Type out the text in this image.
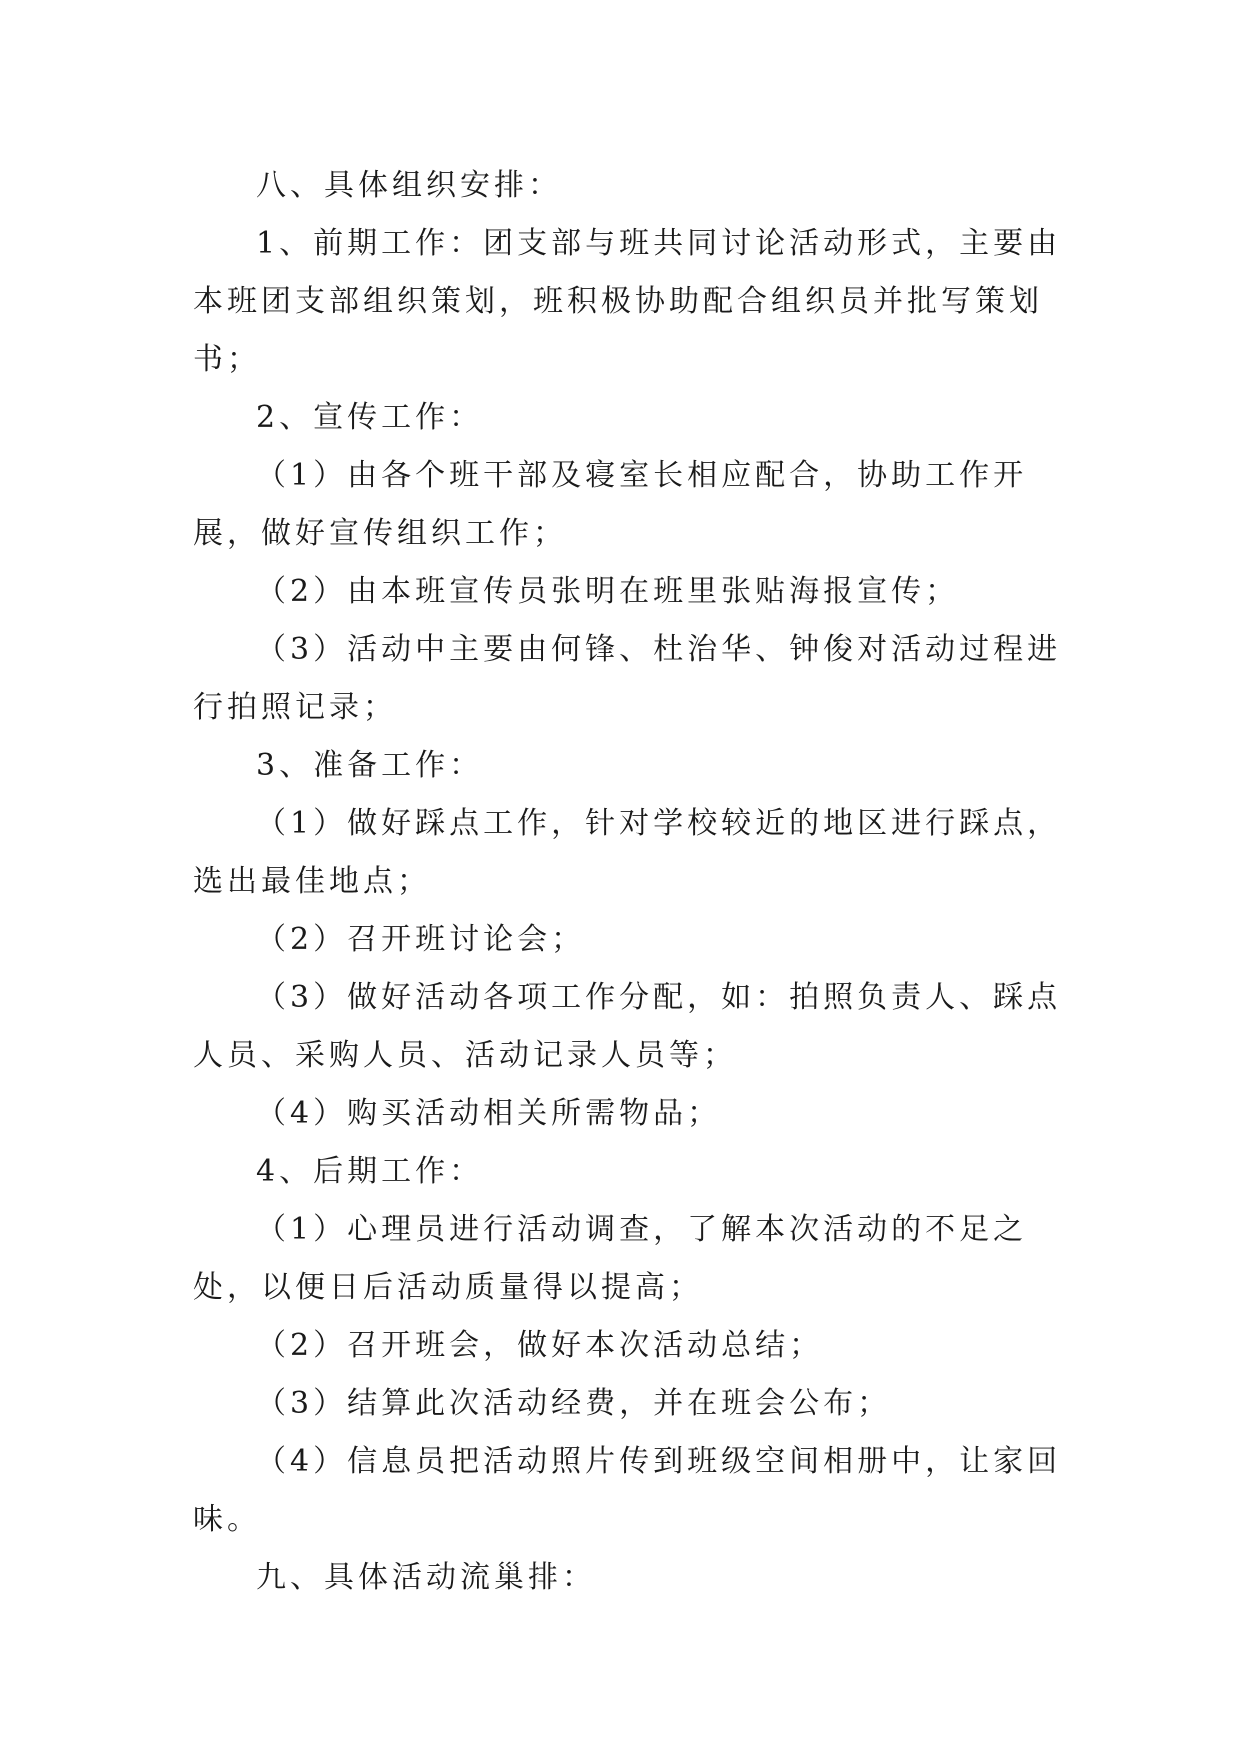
八、具体组织安排：

1、前期工作：团支部与班共同讨论活动形式，主要由本班团支部组织策划，班积极协助配合组织员并批写策划书；

2、宣传工作：

（1）由各个班干部及寝室长相应配合，协助工作开展，做好宣传组织工作；

（2）由本班宣传员张明在班里张贴海报宣传；

（3）活动中主要由何锋、杜治华、钟俊对活动过程进行拍照记录；

3、准备工作：

（1）做好踩点工作，针对学校较近的地区进行踩点，选出最佳地点；

（2）召开班讨论会；

（3）做好活动各项工作分配，如：拍照负责人、踩点人员、采购人员、活动记录人员等；

（4）购买活动相关所需物品；

4、后期工作：

（1）心理员进行活动调查，了解本次活动的不足之处，以便日后活动质量得以提高；

（2）召开班会，做好本次活动总结；

（3）结算此次活动经费，并在班会公布；

（4）信息员把活动照片传到班级空间相册中，让家回味。

九、具体活动流巢排：
